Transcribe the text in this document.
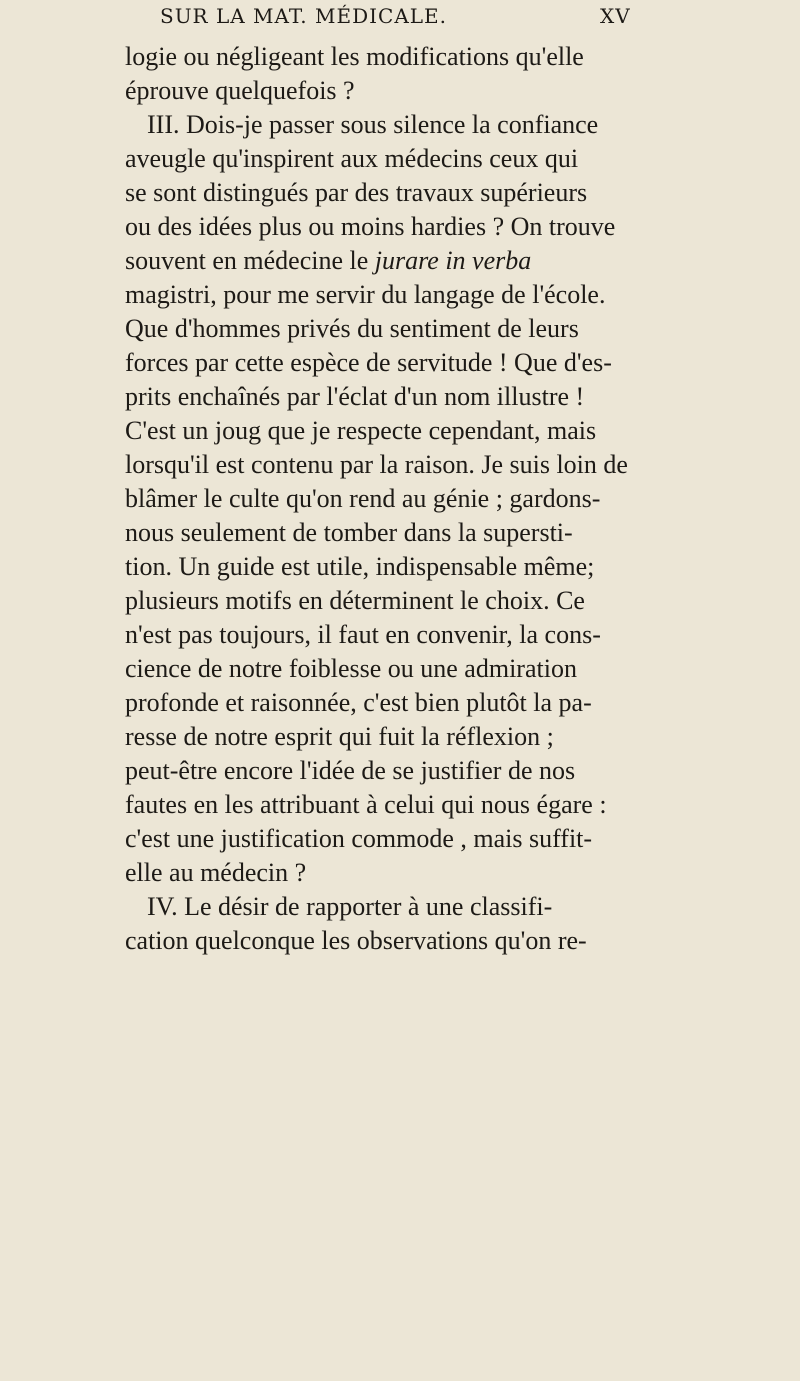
SUR LA MAT. MÉDICALE.	XV
logie ou négligeant les modifications qu'elle
éprouve quelquefois ?
III. Dois-je passer sous silence la confiance
aveugle qu'inspirent aux médecins ceux qui
se sont distingués par des travaux supérieurs
ou des idées plus ou moins hardies ? On trouve
souvent en médecine le jurare in verba
magistri, pour me servir du langage de l'école.
Que d'hommes privés du sentiment de leurs
forces par cette espèce de servitude ! Que d'es-
prits enchaînés par l'éclat d'un nom illustre !
C'est un joug que je respecte cependant, mais
lorsqu'il est contenu par la raison. Je suis loin de
blâmer le culte qu'on rend au génie ; gardons-
nous seulement de tomber dans la supersti-
tion. Un guide est utile, indispensable même;
plusieurs motifs en déterminent le choix. Ce
n'est pas toujours, il faut en convenir, la cons-
cience de notre foiblesse ou une admiration
profonde et raisonnée, c'est bien plutôt la pa-
resse de notre esprit qui fuit la réflexion ;
peut-être encore l'idée de se justifier de nos
fautes en les attribuant à celui qui nous égare :
c'est une justification commode , mais suffit-
elle au médecin ?
IV. Le désir de rapporter à une classifi-
cation quelconque les observations qu'on re-
